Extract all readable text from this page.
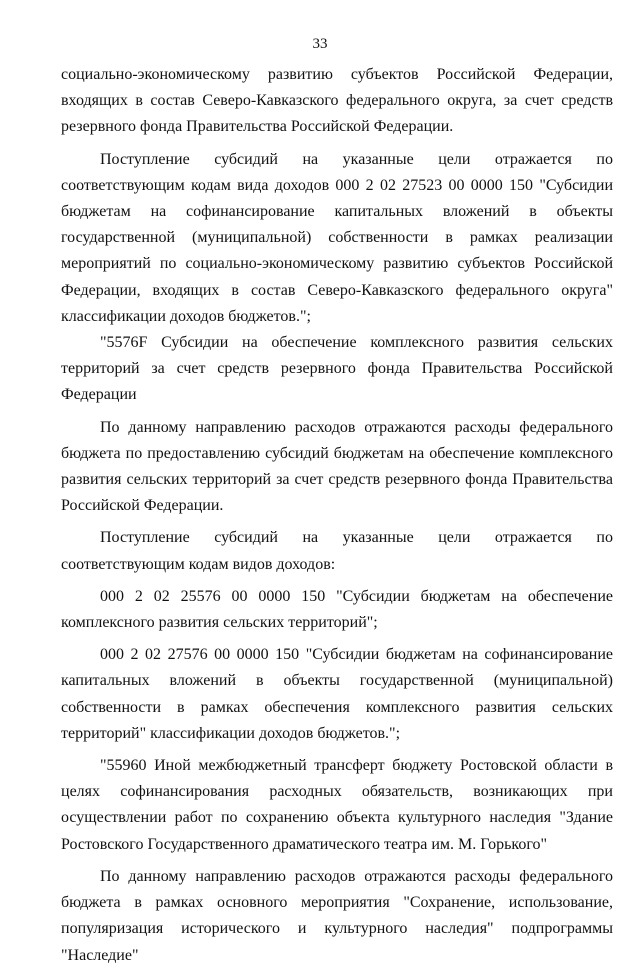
33

социально-экономическому развитию субъектов Российской Федерации, входящих в состав Северо-Кавказского федерального округа, за счет средств резервного фонда Правительства Российской Федерации.

Поступление субсидий на указанные цели отражается по соответствующим кодам вида доходов 000 2 02 27523 00 0000 150 "Субсидии бюджетам на софинансирование капитальных вложений в объекты государственной (муниципальной) собственности в рамках реализации мероприятий по социально-экономическому развитию субъектов Российской Федерации, входящих в состав Северо-Кавказского федерального округа" классификации доходов бюджетов.";

"5576F Субсидии на обеспечение комплексного развития сельских территорий за счет средств резервного фонда Правительства Российской Федерации

По данному направлению расходов отражаются расходы федерального бюджета по предоставлению субсидий бюджетам на обеспечение комплексного развития сельских территорий за счет средств резервного фонда Правительства Российской Федерации.

Поступление субсидий на указанные цели отражается по соответствующим кодам видов доходов:

000 2 02 25576 00 0000 150 "Субсидии бюджетам на обеспечение комплексного развития сельских территорий";

000 2 02 27576 00 0000 150 "Субсидии бюджетам на софинансирование капитальных вложений в объекты государственной (муниципальной) собственности в рамках обеспечения комплексного развития сельских территорий" классификации доходов бюджетов.";

"55960 Иной межбюджетный трансферт бюджету Ростовской области в целях софинансирования расходных обязательств, возникающих при осуществлении работ по сохранению объекта культурного наследия "Здание Ростовского Государственного драматического театра им. М. Горького"

По данному направлению расходов отражаются расходы федерального бюджета в рамках основного мероприятия "Сохранение, использование, популяризация исторического и культурного наследия" подпрограммы "Наследие"
